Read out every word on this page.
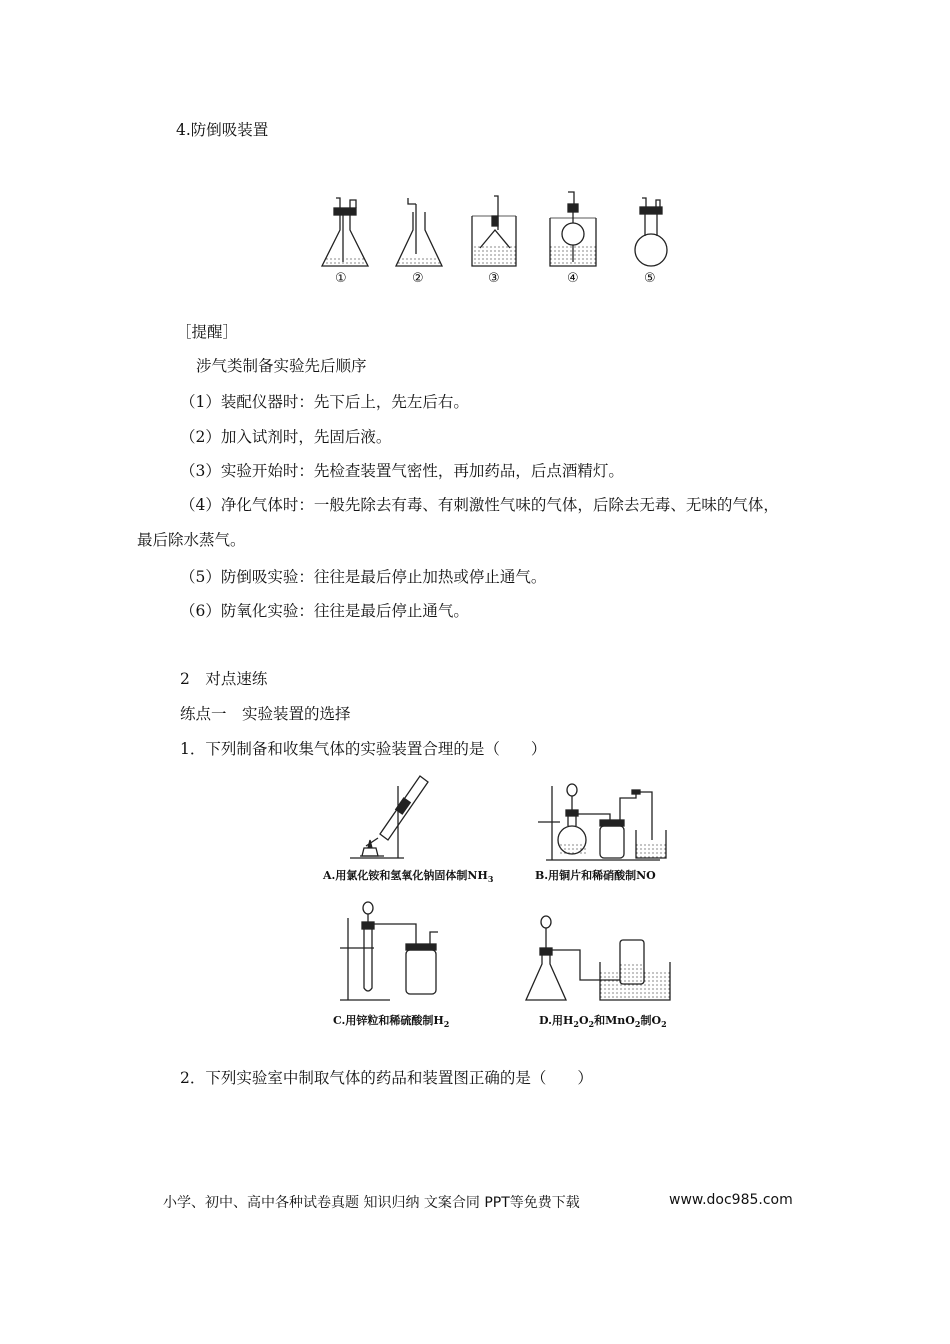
4.防倒吸装置
①	②	③	④	⑤
［提醒］
涉气类制备实验先后顺序
（1）装配仪器时：先下后上，先左后右。
（2）加入试剂时，先固后液。
（3）实验开始时：先检查装置气密性，再加药品，后点酒精灯。
（4）净化气体时：一般先除去有毒、有刺激性气味的气体，后除去无毒、无味的气体，
最后除水蒸气。
（5）防倒吸实验：往往是最后停止加热或停止通气。
（6）防氧化实验：往往是最后停止通气。
2　对点速练
练点一　实验装置的选择
1．下列制备和收集气体的实验装置合理的是（　　）
A.用氯化铵和氢氧化钠固体制$NH_3$	B.用铜片和稀硝酸制NO
C.用锌粒和稀硫酸制$H_2$	D.用$H_2O_2$和MnO$_2$制$O_2$
2．下列实验室中制取气体的药品和装置图正确的是（　　）
小学、初中、高中各种试卷真题 知识归纳 文案合同 PPT等免费下载	www.doc985.com
